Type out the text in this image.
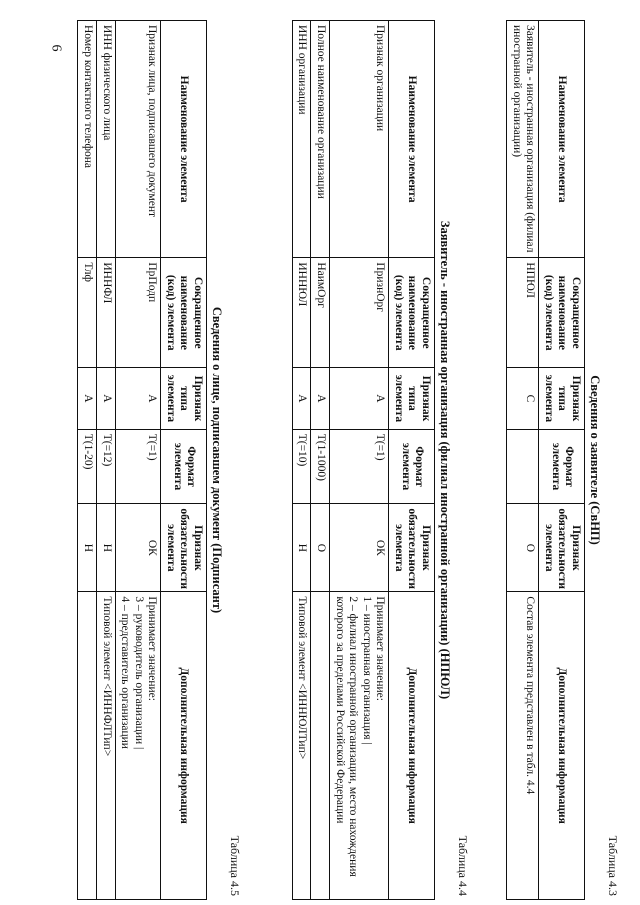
6
Таблица 4.3
Сведения о заявителе (СвНП)
Наименование элемента	Сокращенное наименование (код) элемента	Признак типа элемента	Формат элемента	Признак обязательности элемента	Дополнительная информация
Заявитель - иностранная организация (филиал иностранной организации)	НПЮЛ	С		О	Состав элемента представлен в табл. 4.4
Таблица 4.4
Заявитель - иностранная организация (филиал иностранной организации) (НПЮЛ)
Наименование элемента	Сокращенное наименование (код) элемента	Признак типа элемента	Формат элемента	Признак обязательности элемента	Дополнительная информация
Признак организации	ПризнОрг	А	Т(=1)	ОК	Принимает значение:
1 – иностранная организация |
2 – филиал иностранной организации, место нахождения которого за пределами Российской Федерации

Полное наименование организации	НаимОрг	А	Т(1-1000)	О	

ИНН организации	ИННЮЛ	А	Т(=10)	Н	Типовой элемент <ИННЮЛТип>
Таблица 4.5
Сведения о лице, подписавшем документ (Подписант)
Наименование элемента	Сокращенное наименование (код) элемента	Признак типа элемента	Формат элемента	Признак обязательности элемента	Дополнительная информация
Признак лица, подписавшего документ	ПрПодп	А	Т(=1)	ОК	Принимает значение:
3 – руководитель организации |
4 – представитель организации

ИНН физического лица	ИННФЛ	А	Т(=12)	Н	Типовой элемент <ИННФЛТип>

Номер контактного телефона	Тлф	А	Т(1-20)	Н	
